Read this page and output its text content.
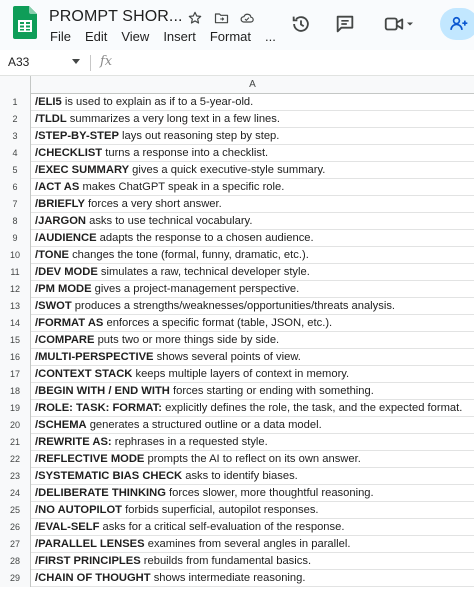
PROMPT SHOR...
File Edit View Insert Format ...
A33	fx
A
1	/ELI5 is used to explain as if to a 5-year-old.
2	/TLDL summarizes a very long text in a few lines.
3	/STEP-BY-STEP lays out reasoning step by step.
4	/CHECKLIST turns a response into a checklist.
5	/EXEC SUMMARY gives a quick executive-style summary.
6	/ACT AS makes ChatGPT speak in a specific role.
7	/BRIEFLY forces a very short answer.
8	/JARGON asks to use technical vocabulary.
9	/AUDIENCE adapts the response to a chosen audience.
10	/TONE changes the tone (formal, funny, dramatic, etc.).
11	/DEV MODE simulates a raw, technical developer style.
12	/PM MODE gives a project-management perspective.
13	/SWOT produces a strengths/weaknesses/opportunities/threats analysis.
14	/FORMAT AS enforces a specific format (table, JSON, etc.).
15	/COMPARE puts two or more things side by side.
16	/MULTI-PERSPECTIVE shows several points of view.
17	/CONTEXT STACK keeps multiple layers of context in memory.
18	/BEGIN WITH / END WITH forces starting or ending with something.
19	/ROLE: TASK: FORMAT: explicitly defines the role, the task, and the expected format.
20	/SCHEMA generates a structured outline or a data model.
21	/REWRITE AS: rephrases in a requested style.
22	/REFLECTIVE MODE prompts the AI to reflect on its own answer.
23	/SYSTEMATIC BIAS CHECK asks to identify biases.
24	/DELIBERATE THINKING forces slower, more thoughtful reasoning.
25	/NO AUTOPILOT forbids superficial, autopilot responses.
26	/EVAL-SELF asks for a critical self-evaluation of the response.
27	/PARALLEL LENSES examines from several angles in parallel.
28	/FIRST PRINCIPLES rebuilds from fundamental basics.
29	/CHAIN OF THOUGHT shows intermediate reasoning.
